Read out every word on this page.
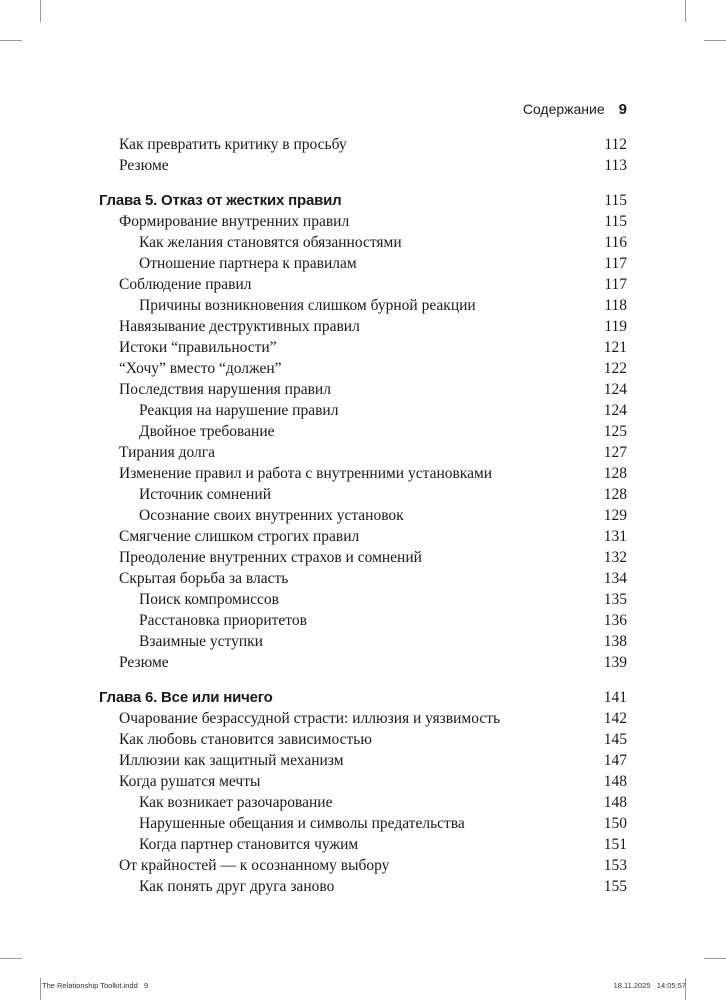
Содержание 9
Как превратить критику в просьбу	112
Резюме	113
Глава 5. Отказ от жестких правил	115
Формирование внутренних правил	115
Как желания становятся обязанностями	116
Отношение партнера к правилам	117
Соблюдение правил	117
Причины возникновения слишком бурной реакции	118
Навязывание деструктивных правил	119
Истоки “правильности”	121
“Хочу” вместо “должен”	122
Последствия нарушения правил	124
Реакция на нарушение правил	124
Двойное требование	125
Тирания долга	127
Изменение правил и работа с внутренними установками	128
Источник сомнений	128
Осознание своих внутренних установок	129
Смягчение слишком строгих правил	131
Преодоление внутренних страхов и сомнений	132
Скрытая борьба за власть	134
Поиск компромиссов	135
Расстановка приоритетов	136
Взаимные уступки	138
Резюме	139
Глава 6. Все или ничего	141
Очарование безрассудной страсти: иллюзия и уязвимость	142
Как любовь становится зависимостью	145
Иллюзии как защитный механизм	147
Когда рушатся мечты	148
Как возникает разочарование	148
Нарушенные обещания и символы предательства	150
Когда партнер становится чужим	151
От крайностей — к осознанному выбору	153
Как понять друг друга заново	155
The Relationship Toolkit.indd   9	18.11.2025   14:05:57
